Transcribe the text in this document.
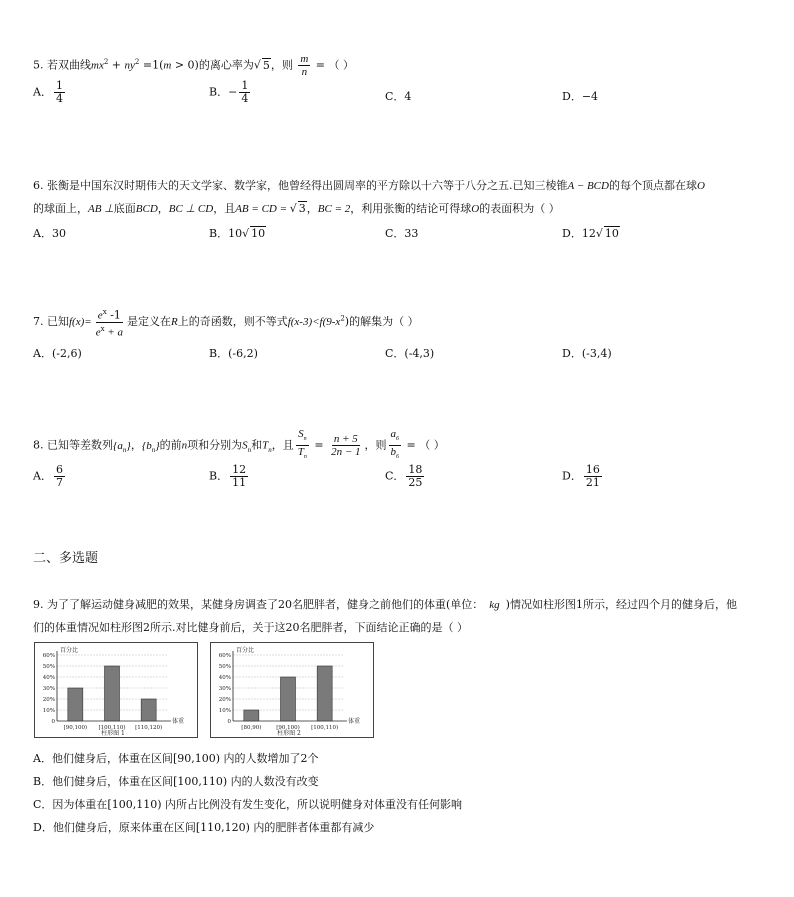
5. 若双曲线$mx^2 + ny^2 =1(m > 0)$的离心率为√ 5，则 $\frac{m}{n}$ = （ ）
A． $\frac{1}{4}$	B．− $\frac{1}{4}$	C．4	D．−4
6. 张衡是中国东汉时期伟大的天文学家、数学家，他曾经得出圆周率的平方除以十六等于八分之五.已知三棱锥A − BCD的每个顶点都在球O
的球面上，AB ⊥底面BCD，BC ⊥ CD，且AB = CD = √ 3，BC = 2，利用张衡的结论可得球O的表面积为（ ）
A．30	B．10√ 10	C．33	D．12√ 10
7. 已知$f(x)= \frac{e^x -1}{e^x + a}$ 是定义在R上的奇函数，则不等式$f(x-3)<f(9-x^2)$的解集为（ ）
A．(-2,6)	B．(-6,2)	C．(-4,3)	D．(-3,4)
8. 已知等差数列$\{a_n\}$，$\{b_n\}$的前n项和分别为$S_n$和$T_n$，且 $\frac{S_n}{T_n} = \frac{n + 5}{2n - 1}$ ，则 $\frac{a_6}{b_6}$ = （ ）
A． $\frac{6}{7}$	B． $\frac{12}{11}$	C． $\frac{18}{25}$	D． $\frac{16}{21}$
二、多选题
9. 为了了解运动健身减肥的效果，某健身房调查了20名肥胖者，健身之前他们的体重(单位： kg )情况如柱形图1所示，经过四个月的健身后，他
们的体重情况如柱形图2所示.对比健身前后，关于这20名肥胖者，下面结论正确的是（ ）
百分比
0
10%
20%
30%
40%
50%
60%
[90,100) [100,110) [110,120)
体重
柱形图 1
百分比
0
10%
20%
30%
40%
50%
60%
[80,90)	[90,100) [100,110)
体重
柱形图 2
A．他们健身后，体重在区间[90,100) 内的人数增加了2个
B．他们健身后，体重在区间[100,110) 内的人数没有改变
C．因为体重在[100,110) 内所占比例没有发生变化，所以说明健身对体重没有任何影响
D．他们健身后，原来体重在区间[110,120) 内的肥胖者体重都有减少
